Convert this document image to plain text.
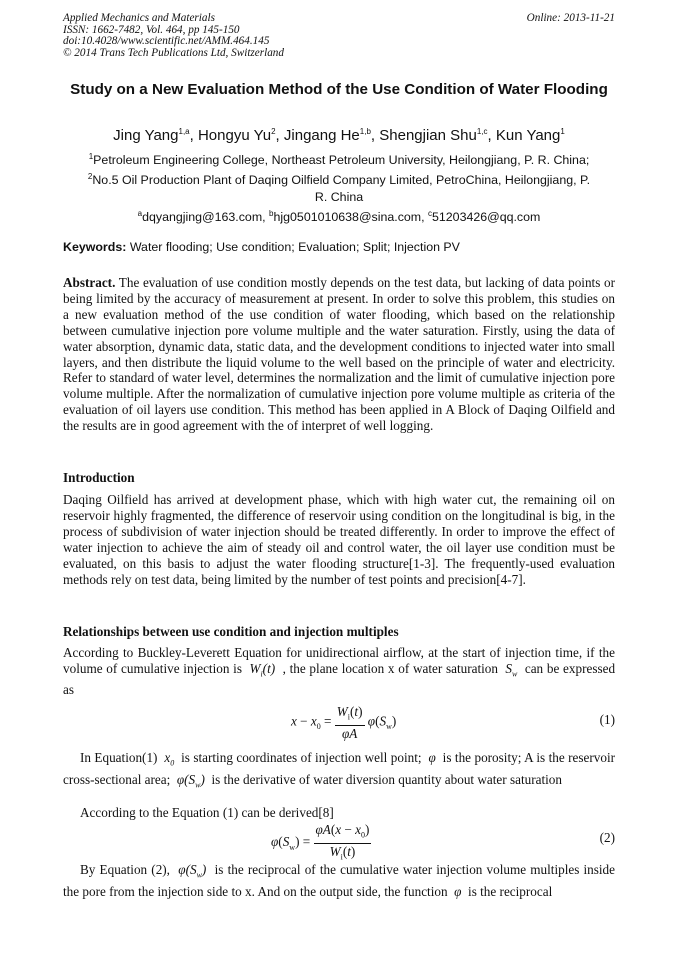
Applied Mechanics and Materials
ISSN: 1662-7482, Vol. 464, pp 145-150
doi:10.4028/www.scientific.net/AMM.464.145
© 2014 Trans Tech Publications Ltd, Switzerland
Online: 2013-11-21
Study on a New Evaluation Method of the Use Condition of Water Flooding
Jing Yang$^{1,a}$, Hongyu Yu$^2$, Jingang He$^{1,b}$, Shengjian Shu$^{1,c}$, Kun Yang$^1$
$^1$Petroleum Engineering College, Northeast Petroleum University, Heilongjiang, P. R. China;
$^2$No.5 Oil Production Plant of Daqing Oilfield Company Limited, PetroChina, Heilongjiang, P. R. China
$^a$dqyangjing@163.com, $^b$hjg0501010638@sina.com, $^c$51203426@qq.com
Keywords: Water flooding; Use condition; Evaluation; Split; Injection PV
Abstract. The evaluation of use condition mostly depends on the test data, but lacking of data points or being limited by the accuracy of measurement at present. In order to solve this problem, this studies on a new evaluation method of the use condition of water flooding, which based on the relationship between cumulative injection pore volume multiple and the water saturation. Firstly, using the data of water absorption, dynamic data, static data, and the development conditions to injected water into small layers, and then distribute the liquid volume to the well based on the principle of water and electricity. Refer to standard of water level, determines the normalization and the limit of cumulative injection pore volume multiple. After the normalization of cumulative injection pore volume multiple as criteria of the evaluation of oil layers use condition. This method has been applied in A Block of Daqing Oilfield and the results are in good agreement with the of interpret of well logging.
Introduction
Daqing Oilfield has arrived at development phase, which with high water cut, the remaining oil on reservoir highly fragmented, the difference of reservoir using condition on the longitudinal is big, in the process of subdivision of water injection should be treated differently. In order to improve the effect of water injection to achieve the aim of steady oil and control water, the oil layer use condition must be evaluated, on this basis to adjust the water flooding structure[1-3]. The frequently-used evaluation methods rely on test data, being limited by the number of test points and precision[4-7].
Relationships between use condition and injection multiples
According to Buckley-Leverett Equation for unidirectional airflow, at the start of injection time, if the volume of cumulative injection is  $W_i(t)$  , the plane location x of water saturation  $S_w$ can be expressed as
$x - x_0 = \frac{W_i(t)}{\varphi A} \varphi(S_w)$	(1)
In Equation(1)  $x_0$ is starting coordinates of injection well point;  φ  is the porosity; A is the reservoir cross-sectional area;  $\varphi(S_w)$  is the derivative of water diversion quantity about water saturation
According to the Equation (1) can be derived[8]
$\varphi(S_w) = \frac{\varphi A(x - x_0)}{W_i(t)}$	(2)
By Equation (2),  $\varphi(S_w)$  is the reciprocal of the cumulative water injection volume multiples inside the pore from the injection side to x. And on the output side, the function  φ  is the reciprocal
